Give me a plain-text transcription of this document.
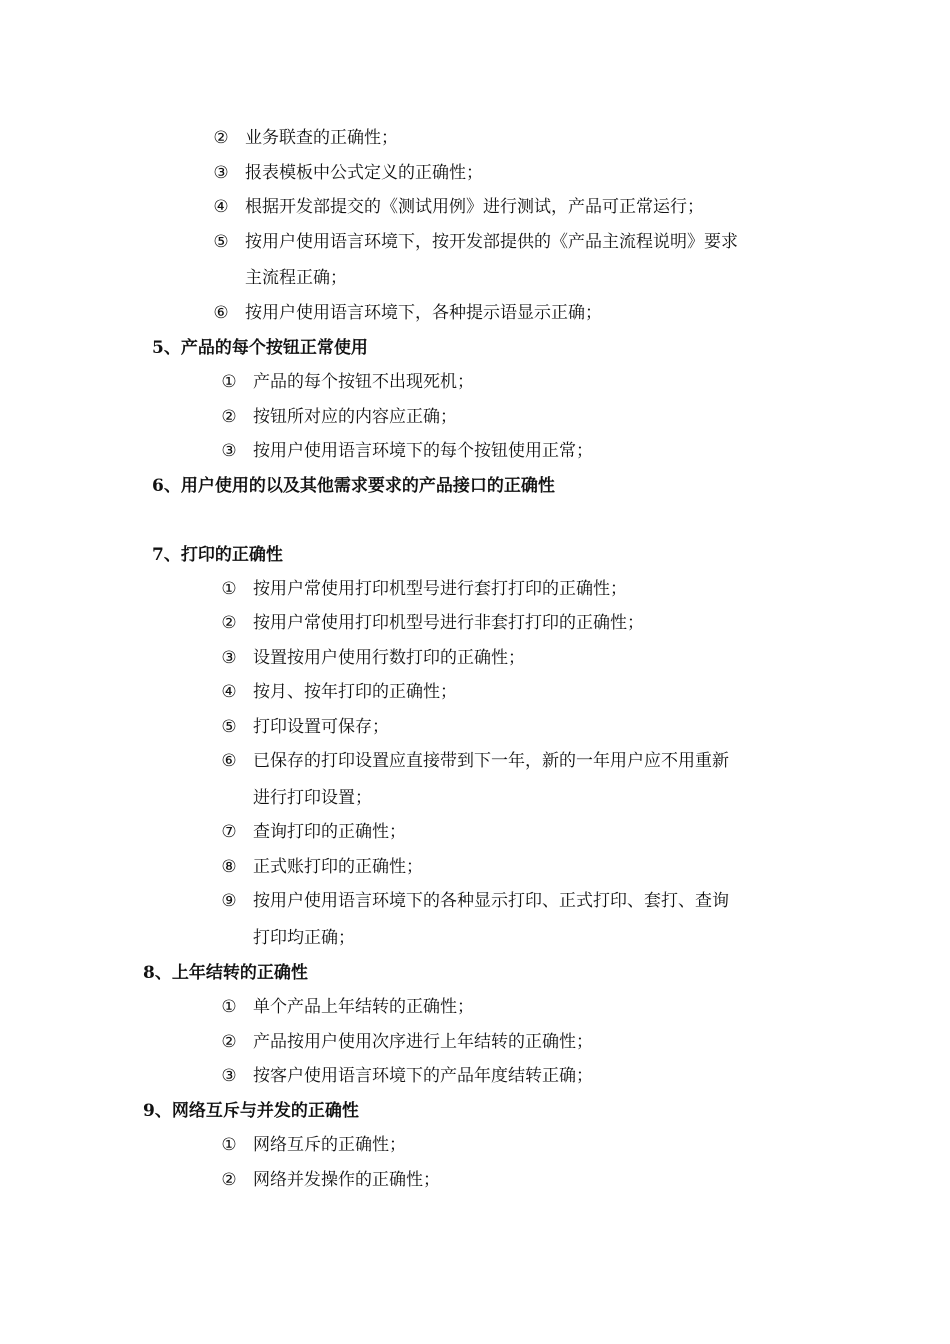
② 业务联查的正确性；
③ 报表模板中公式定义的正确性；
④ 根据开发部提交的《测试用例》进行测试，产品可正常运行；
⑤ 按用户使用语言环境下，按开发部提供的《产品主流程说明》要求
主流程正确；
⑥ 按用户使用语言环境下，各种提示语显示正确；
5、产品的每个按钮正常使用
① 产品的每个按钮不出现死机；
② 按钮所对应的内容应正确；
③ 按用户使用语言环境下的每个按钮使用正常；
6、用户使用的以及其他需求要求的产品接口的正确性
7、打印的正确性
① 按用户常使用打印机型号进行套打打印的正确性；
② 按用户常使用打印机型号进行非套打打印的正确性；
③ 设置按用户使用行数打印的正确性；
④ 按月、按年打印的正确性；
⑤ 打印设置可保存；
⑥ 已保存的打印设置应直接带到下一年，新的一年用户应不用重新
进行打印设置；
⑦ 查询打印的正确性；
⑧ 正式账打印的正确性；
⑨ 按用户使用语言环境下的各种显示打印、正式打印、套打、查询
打印均正确；
8、上年结转的正确性
① 单个产品上年结转的正确性；
② 产品按用户使用次序进行上年结转的正确性；
③ 按客户使用语言环境下的产品年度结转正确；
9、网络互斥与并发的正确性
① 网络互斥的正确性；
② 网络并发操作的正确性；
